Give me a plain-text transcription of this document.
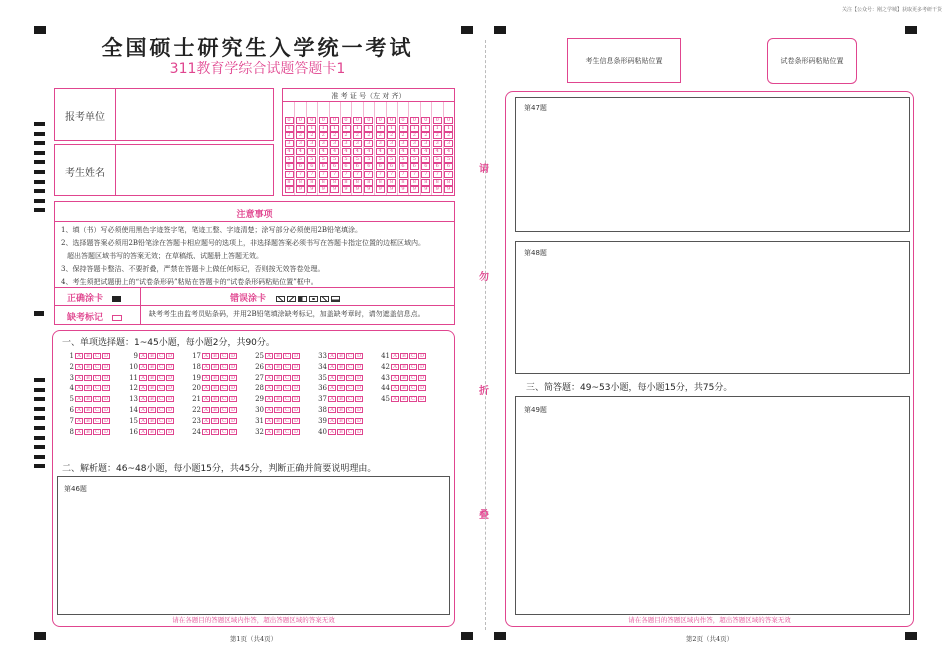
关注【公众号：刚之学城】获取更多考研干货
全国硕士研究生入学统一考试
311教育学综合试题答题卡1
报考单位
考生姓名
准 考 证 号（左 对 齐）
0
1
2
3
4
5
6
7
8
9
0
1
2
3
4
5
6
7
8
9
0
1
2
3
4
5
6
7
8
9
0
1
2
3
4
5
6
7
8
9
0
1
2
3
4
5
6
7
8
9
0
1
2
3
4
5
6
7
8
9
0
1
2
3
4
5
6
7
8
9
0
1
2
3
4
5
6
7
8
9
0
1
2
3
4
5
6
7
8
9
0
1
2
3
4
5
6
7
8
9
0
1
2
3
4
5
6
7
8
9
0
1
2
3
4
5
6
7
8
9
0
1
2
3
4
5
6
7
8
9
0
1
2
3
4
5
6
7
8
9
0
1
2
3
4
5
6
7
8
9
注意事项
1、填（书）写必须使用黑色字迹签字笔，笔迹工整、字迹清楚；涂写部分必须使用2B铅笔填涂。
2、选择题答案必须用2B铅笔涂在答题卡相应题号的选项上，非选择题答案必须书写在答题卡指定位置的边框区域内。
超出答题区域书写的答案无效；在草稿纸、试题册上答题无效。
3、保持答题卡整洁、不要折叠，严禁在答题卡上做任何标记，否则按无效答卷处理。
4、考生须把试题册上的“试卷条形码”粘贴在答题卡的“试卷条形码粘贴位置”框中。
正确涂卡	错误涂卡
缺考标记	缺考考生由监考员贴条码，并用2B铅笔填涂缺考标记，加盖缺考章时，请勿遮盖信息点。
一、单项选择题：1~45小题，每小题2分，共90分。
1 A	B	C	D
2 A	B	C	D
3 A	B	C	D
4 A	B	C	D
5 A	B	C	D
6 A	B	C	D
7 A	B	C	D
8 A	B	C	D
9 A	B	C	D
10 A	B	C	D
11 A	B	C	D
12 A	B	C	D
13 A	B	C	D
14 A	B	C	D
15 A	B	C	D
16 A	B	C	D
17 A	B	C	D
18 A	B	C	D
19 A	B	C	D
20 A	B	C	D
21 A	B	C	D
22 A	B	C	D
23 A	B	C	D
24 A	B	C	D
25 A	B	C	D
26 A	B	C	D
27 A	B	C	D
28 A	B	C	D
29 A	B	C	D
30 A	B	C	D
31 A	B	C	D
32 A	B	C	D
33 A	B	C	D
34 A	B	C	D
35 A	B	C	D
36 A	B	C	D
37 A	B	C	D
38 A	B	C	D
39 A	B	C	D
40 A	B	C	D
41 A	B	C	D
42 A	B	C	D
43 A	B	C	D
44 A	B	C	D
45 A	B	C	D
二、解析题：46~48小题，每小题15分，共45分，判断正确并简要说明理由。
第46题
请在各题目的答题区域内作答，超出答题区域的答案无效
第1页（共4页）
请
勿
折
叠
考生信息条形码粘贴位置	试卷条形码粘贴位置
第47题
第48题
三、简答题：49~53小题，每小题15分，共75分。
第49题
请在各题目的答题区域内作答，超出答题区域的答案无效
第2页（共4页）
